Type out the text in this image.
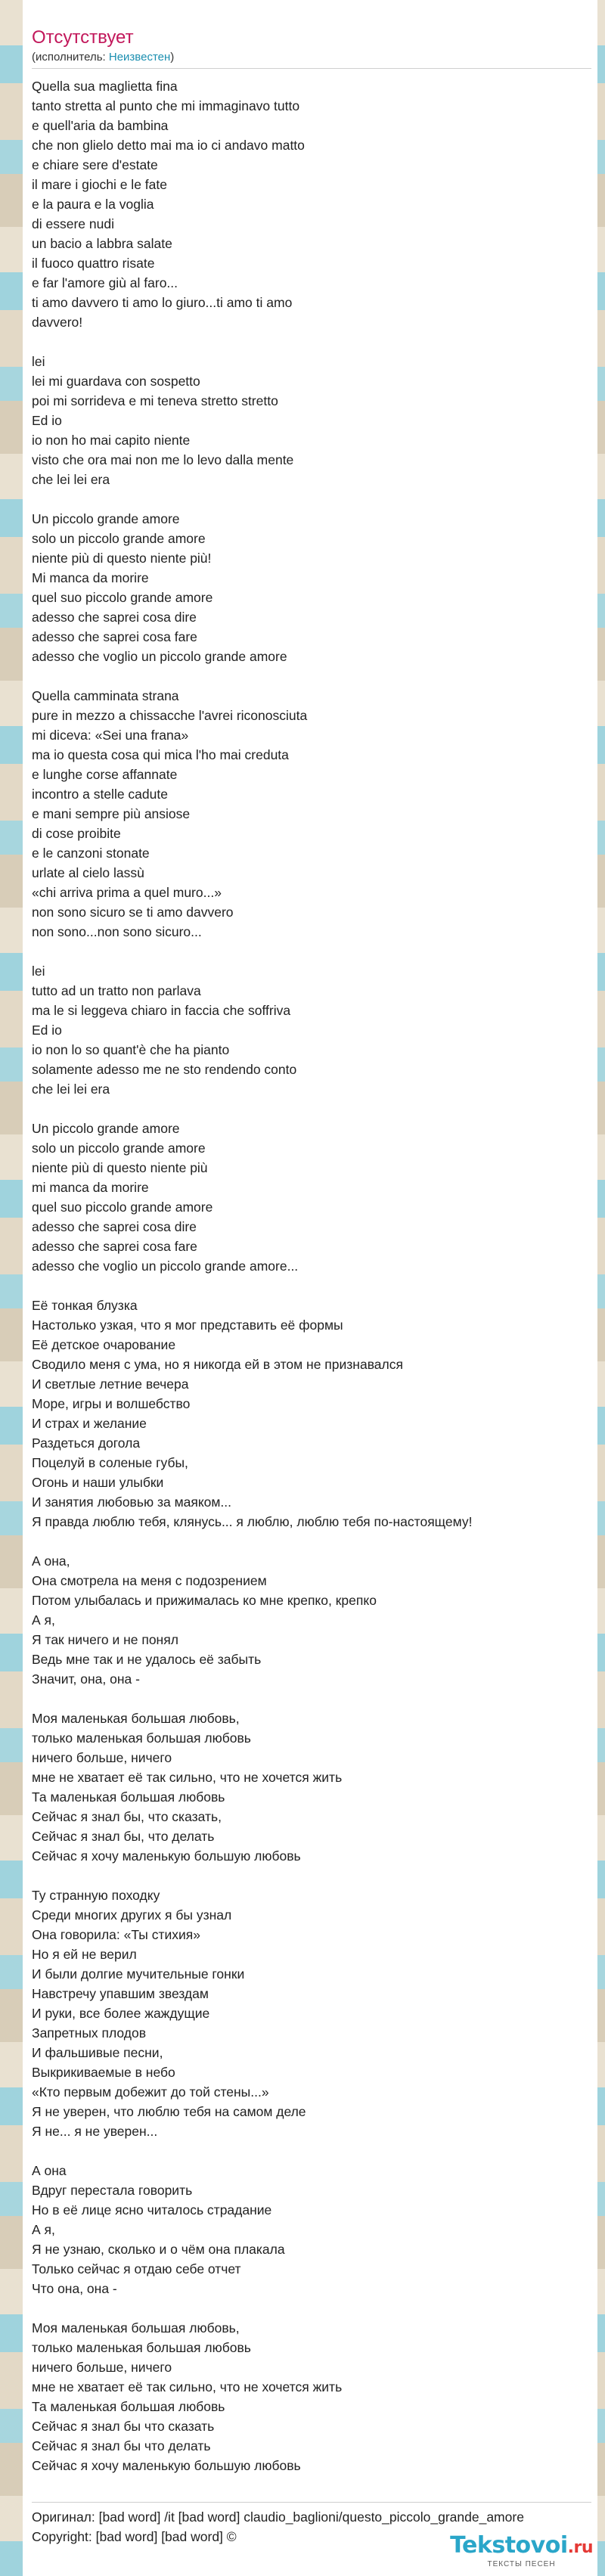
Отсутствует
(исполнитель: Неизвестен)
Quella sua maglietta fina
tanto stretta al punto che mi immaginavo tutto
e quell'aria da bambina
che non glielo detto mai ma io ci andavo matto
e chiare sere d'estate
il mare i giochi e le fate
e la paura e la voglia
di essere nudi
un bacio a labbra salate
il fuoco quattro risate
e far l'amore giù al faro...
ti amo davvero ti amo lo giuro...ti amo ti amo
davvero!
lei
lei mi guardava con sospetto
poi mi sorrideva e mi teneva stretto stretto
Ed io
io non ho mai capito niente
visto che ora mai non me lo levo dalla mente
che lei lei era
Un piccolo grande amore
solo un piccolo grande amore
niente più di questo niente più!
Mi manca da morire
quel suo piccolo grande amore
adesso che saprei cosa dire
adesso che saprei cosa fare
adesso che voglio un piccolo grande amore
Quella camminata strana
pure in mezzo a chissacche l'avrei riconosciuta
mi diceva: «Sei una frana»
ma io questa cosa qui mica l'ho mai creduta
e lunghe corse affannate
incontro a stelle cadute
e mani sempre più ansiose
di cose proibite
e le canzoni stonate
urlate al cielo lassù
«chi arriva prima a quel muro...»
non sono sicuro se ti amo davvero
non sono...non sono sicuro...
lei
tutto ad un tratto non parlava
ma le si leggeva chiaro in faccia che soffriva
Ed io
io non lo so quant'è che ha pianto
solamente adesso me ne sto rendendo conto
che lei lei era
Un piccolo grande amore
solo un piccolo grande amore
niente più di questo niente più
mi manca da morire
quel suo piccolo grande amore
adesso che saprei cosa dire
adesso che saprei cosa fare
adesso che voglio un piccolo grande amore...
Её тонкая блузка
Настолько узкая, что я мог представить её формы
Её детское очарование
Сводило меня с ума, но я никогда ей в этом не признавался
И светлые летние вечера
Море, игры и волшебство
И страх и желание
Раздеться догола
Поцелуй в соленые губы,
Огонь и наши улыбки
И занятия любовью за маяком...
Я правда люблю тебя, клянусь... я люблю, люблю тебя по-настоящему!
А она,
Она смотрела на меня с подозрением
Потом улыбалась и прижималась ко мне крепко, крепко
А я,
Я так ничего и не понял
Ведь мне так и не удалось её забыть
Значит, она, она -
Моя маленькая большая любовь,
только маленькая большая любовь
ничего больше, ничего
мне не хватает её так сильно, что не хочется жить
Та маленькая большая любовь
Сейчас я знал бы, что сказать,
Сейчас я знал бы, что делать
Сейчас я хочу маленькую большую любовь
Ту странную походку
Среди многих других я бы узнал
Она говорила: «Ты стихия»
Но я ей не верил
И были долгие мучительные гонки
Навстречу упавшим звездам
И руки, все более жаждущие
Запретных плодов
И фальшивые песни,
Выкрикиваемые в небо
«Кто первым добежит до той стены...»
Я не уверен, что люблю тебя на самом деле
Я не... я не уверен...
А она
Вдруг перестала говорить
Но в её лице ясно читалось страдание
А я,
Я не узнаю, сколько и о чём она плакала
Только сейчас я отдаю себе отчет
Что она, она -
Моя маленькая большая любовь,
только маленькая большая любовь
ничего больше, ничего
мне не хватает её так сильно, что не хочется жить
Та маленькая большая любовь
Сейчас я знал бы что сказать
Сейчас я знал бы что делать
Сейчас я хочу маленькую большую любовь
Оригинал: [bad word] /it [bad word] claudio_baglioni/questo_piccolo_grande_amore
Copyright: [bad word] [bad word] ©	Tekstovoi.ru
ТЕКСТЫ ПЕСЕН
